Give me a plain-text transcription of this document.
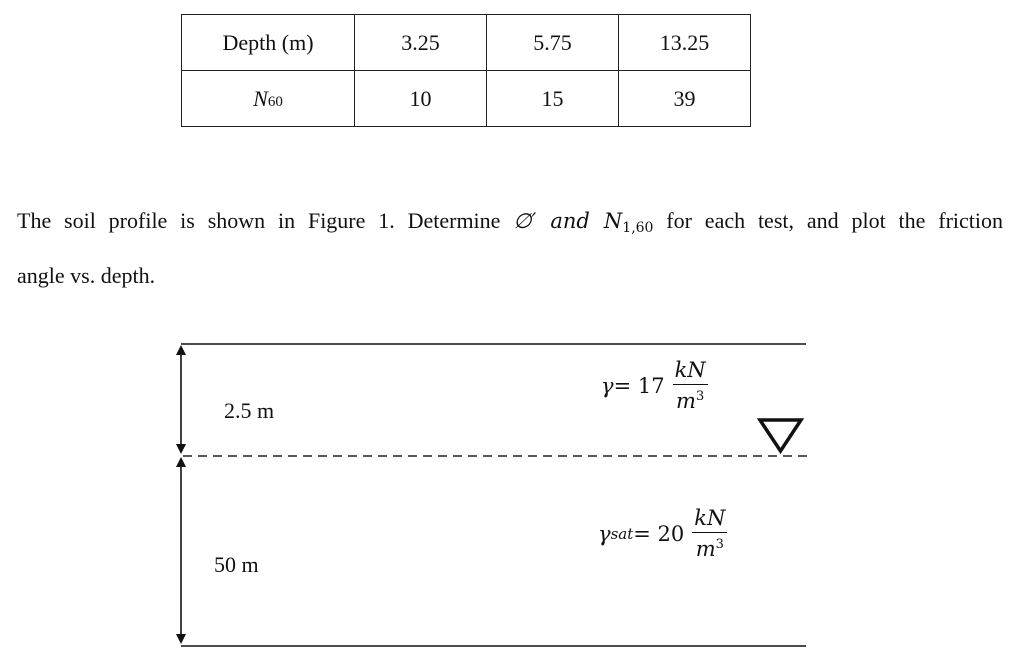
Depth (m)	3.25	5.75	13.25
N60	10	15	39

The soil profile is shown in Figure 1. Determine ∅′ and N1,60 for each test, and plot the friction
angle vs. depth.

2.5 m
50 m
$\gamma = 17 \frac{kN}{m^3}$
γ sat = $20 \frac{kN}{m^3}$
